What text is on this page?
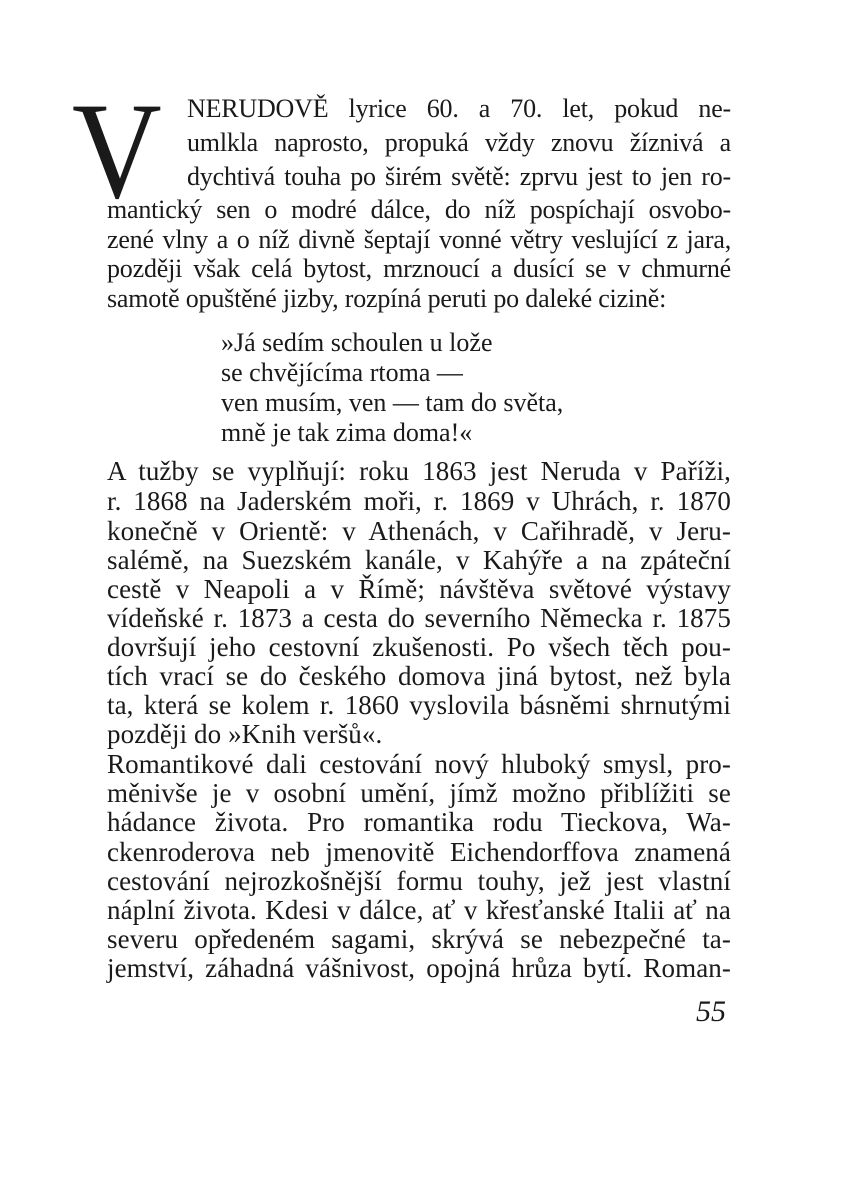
V NERUDOVĚ lyrice 60. a 70. let, pokud ne-
umlkla naprosto, propuká vždy znovu žíznivá a
dychtivá touha po širém světě: zprvu jest to jen ro-
mantický sen o modré dálce, do níž pospíchají osvobo-
zené vlny a o níž divně šeptají vonné větry veslující z jara,
později však celá bytost, mrznoucí a dusící se v chmurné
samotě opuštěné jizby, rozpíná peruti po daleké cizině:
»Já sedím schoulen u lože
se chvějícíma rtoma —
ven musím, ven — tam do světa,
mně je tak zima doma!«
A tužby se vyplňují: roku 1863 jest Neruda v Paříži,
r. 1868 na Jaderském moři, r. 1869 v Uhrách, r. 1870
konečně v Orientě: v Athenách, v Cařihradě, v Jeru-
salémě, na Suezském kanále, v Kahýře a na zpáteční
cestě v Neapoli a v Římě; návštěva světové výstavy
vídeňské r. 1873 a cesta do severního Německa r. 1875
dovršují jeho cestovní zkušenosti. Po všech těch pou-
tích vrací se do českého domova jiná bytost, než byla
ta, která se kolem r. 1860 vyslovila básněmi shrnutými
později do »Knih veršů«.
Romantikové dali cestování nový hluboký smysl, pro-
měnivše je v osobní umění, jímž možno přiblížiti se
hádance života. Pro romantika rodu Tieckova, Wa-
ckenroderova neb jmenovitě Eichendorffova znamená
cestování nejrozkošnější formu touhy, jež jest vlastní
náplní života. Kdesi v dálce, ať v křesťanské Italii ať na
severu opředeném sagami, skrývá se nebezpečné ta-
jemství, záhadná vášnivost, opojná hrůza bytí. Roman-
55
